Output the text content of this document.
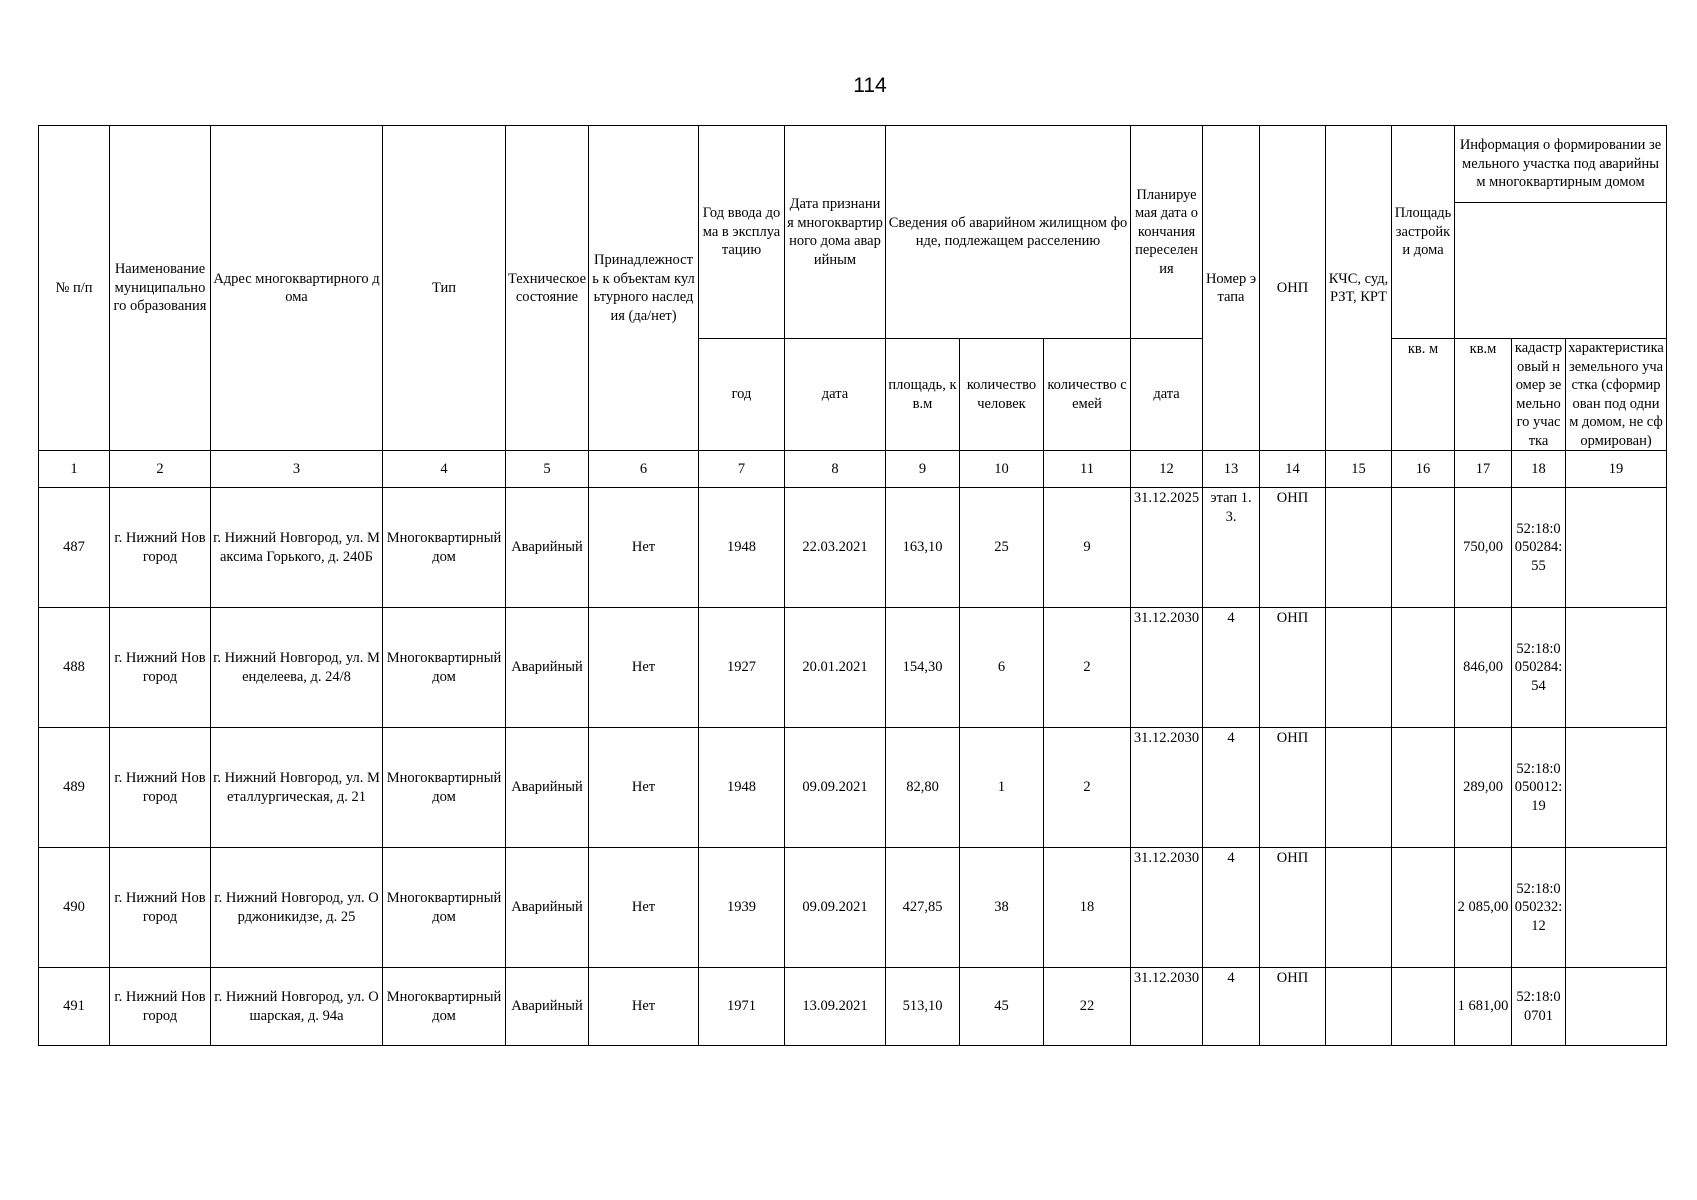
114
№ п/п	Наименование муниципального образования	Адрес многоквартирного дома	Тип	Техническое состояние	Принадлежность к объектам культурного наследия (да/нет)	Год ввода дома в эксплуатацию	Дата признания многоквартирного дома аварийным	Сведения об аварийном жилищном фонде, подлежащем расселению			Планируемая дата окончания переселения	Номер этапа	ОНП	КЧС, суд, РЗТ, КРТ	Площадь застройки дома	Информация о формировании земельного участка под аварийным многоквартирным домом		

						год	дата	площадь, кв.м	количество человек	количество семей	дата				кв. м	кв.м	кадастровый номер земельного участка	характеристика земельного участка (сформирован под одним домом, не сформирован)
1	2	3	4	5	6	7	8	9	10	11	12	13	14	15	16	17	18	19
487	г. Нижний Новгород	г. Нижний Новгород, ул. Максима Горького, д. 240Б	Многоквартирный дом	Аварийный	Нет	1948	22.03.2021	163,10	25	9	31.12.2025	этап 1.3.	ОНП			750,00	52:18:0050284:55	
488	г. Нижний Новгород	г. Нижний Новгород, ул. Менделеева, д. 24/8	Многоквартирный дом	Аварийный	Нет	1927	20.01.2021	154,30	6	2	31.12.2030	4	ОНП			846,00	52:18:0050284:54	
489	г. Нижний Новгород	г. Нижний Новгород, ул. Металлургическая, д. 21	Многоквартирный дом	Аварийный	Нет	1948	09.09.2021	82,80	1	2	31.12.2030	4	ОНП			289,00	52:18:0050012:19	
490	г. Нижний Новгород	г. Нижний Новгород, ул. Орджоникидзе, д. 25	Многоквартирный дом	Аварийный	Нет	1939	09.09.2021	427,85	38	18	31.12.2030	4	ОНП			2 085,00	52:18:0050232:12	
491	г. Нижний Новгород	г. Нижний Новгород, ул. Ошарская, д. 94а	Многоквартирный дом	Аварийный	Нет	1971	13.09.2021	513,10	45	22	31.12.2030	4	ОНП			1 681,00	52:18:00701	
